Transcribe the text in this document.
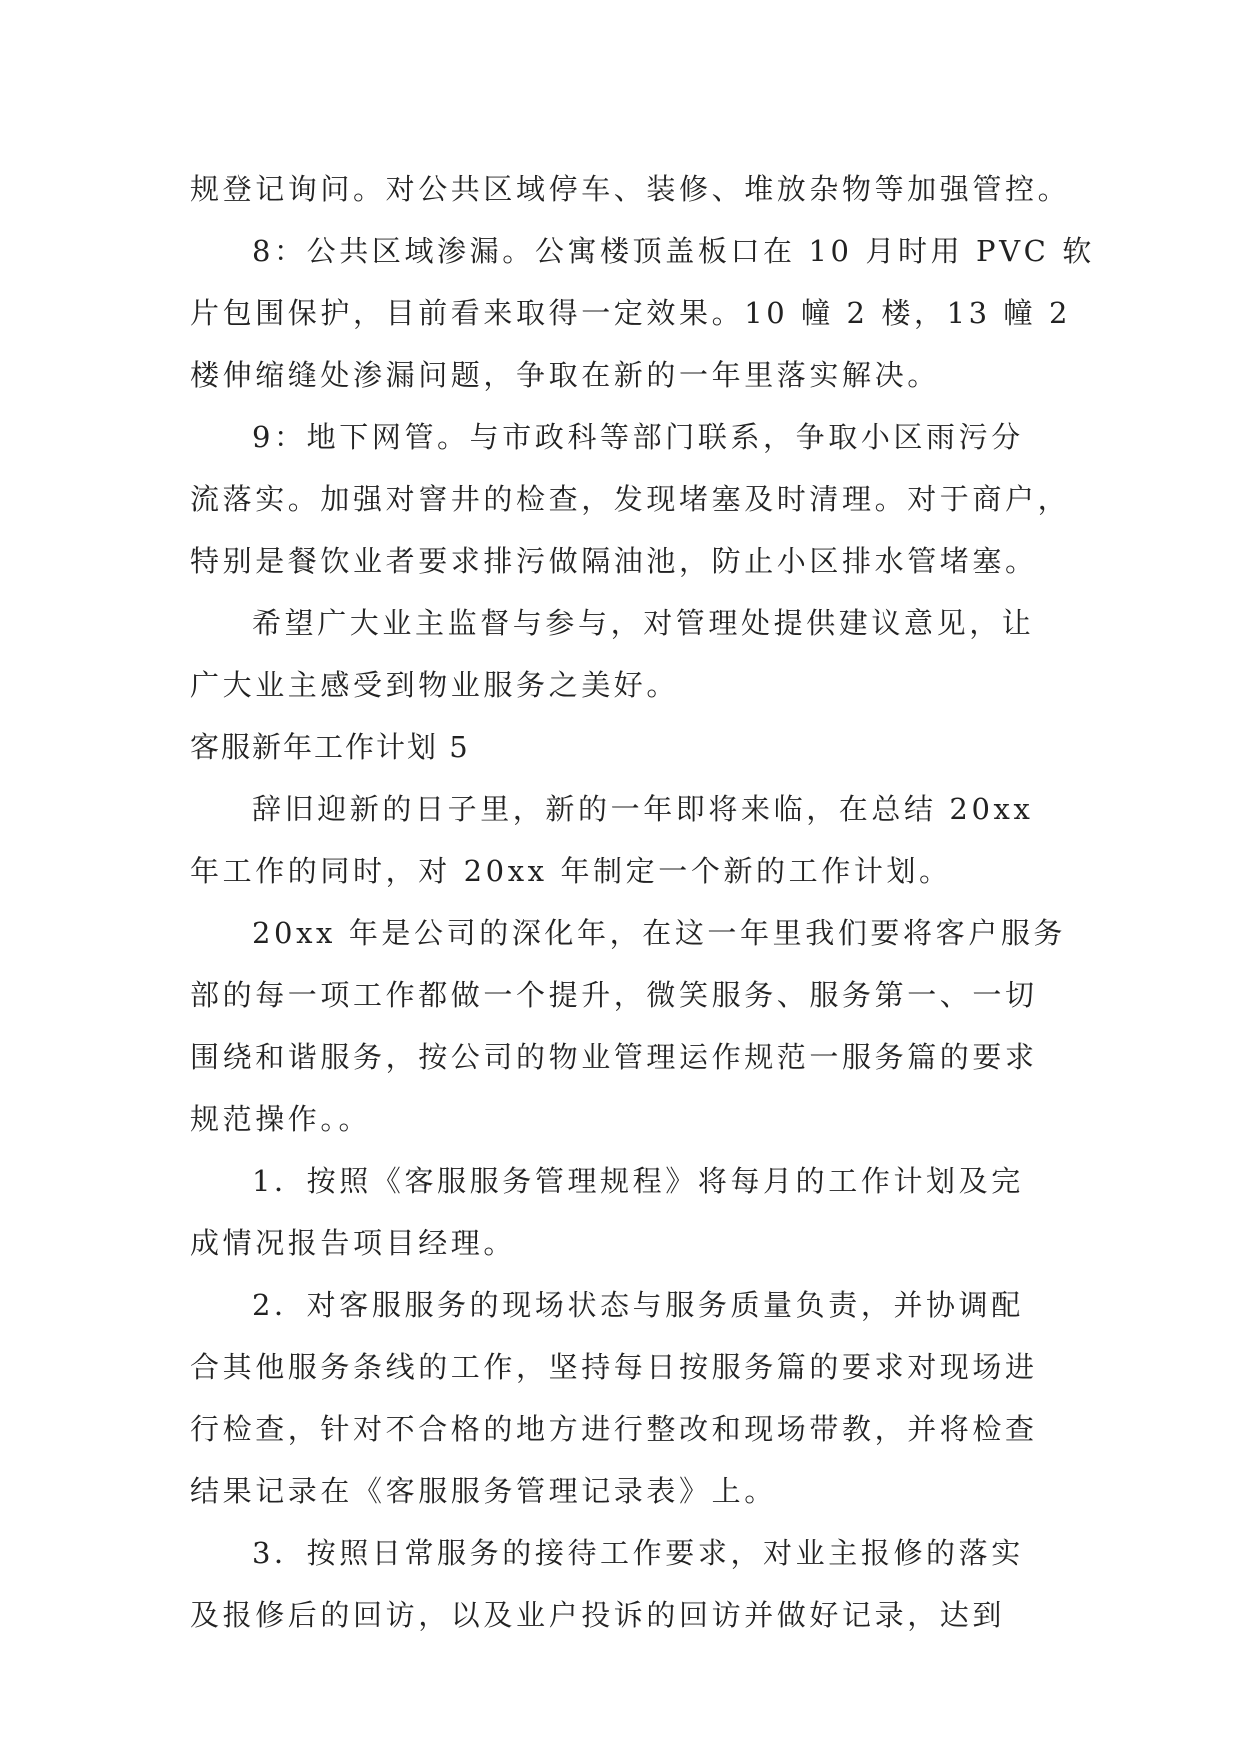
规登记询问。对公共区域停车、装修、堆放杂物等加强管控。
8：公共区域渗漏。公寓楼顶盖板口在 10 月时用 PVC 软
片包围保护，目前看来取得一定效果。10 幢 2 楼，13 幢 2
楼伸缩缝处渗漏问题，争取在新的一年里落实解决。
9：地下网管。与市政科等部门联系，争取小区雨污分
流落实。加强对窨井的检查，发现堵塞及时清理。对于商户，
特别是餐饮业者要求排污做隔油池，防止小区排水管堵塞。
希望广大业主监督与参与，对管理处提供建议意见，让
广大业主感受到物业服务之美好。
客服新年工作计划 5
辞旧迎新的日子里，新的一年即将来临，在总结 20xx
年工作的同时，对 20xx 年制定一个新的工作计划。
20xx 年是公司的深化年，在这一年里我们要将客户服务
部的每一项工作都做一个提升，微笑服务、服务第一、一切
围绕和谐服务，按公司的物业管理运作规范一服务篇的要求
规范操作。。
1．按照《客服服务管理规程》将每月的工作计划及完
成情况报告项目经理。
2．对客服服务的现场状态与服务质量负责，并协调配
合其他服务条线的工作，坚持每日按服务篇的要求对现场进
行检查，针对不合格的地方进行整改和现场带教，并将检查
结果记录在《客服服务管理记录表》上。
3．按照日常服务的接待工作要求，对业主报修的落实
及报修后的回访，以及业户投诉的回访并做好记录，达到
